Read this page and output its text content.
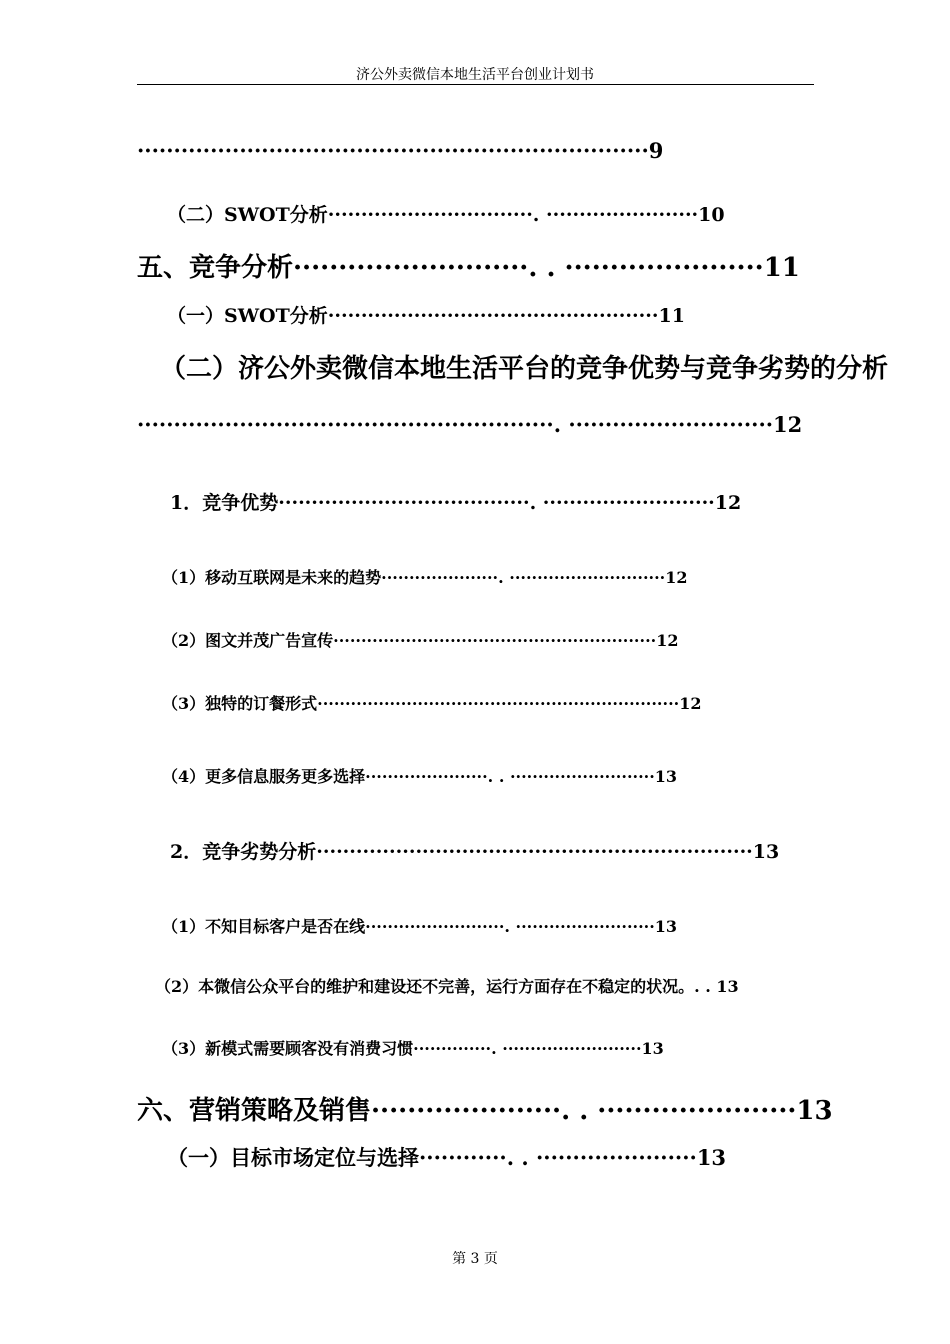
济公外卖微信本地生活平台创业计划书
······································································9
（二）SWOT分析·······························. ·······················10
五、竞争分析··························. . ······················11
（一）SWOT分析··················································11
（二）济公外卖微信本地生活平台的竞争优势与竞争劣势的分析
·························································. ····························12
1．竞争优势······································. ··························12
（1）移动互联网是未来的趋势·····················. ····························12
（2）图文并茂广告宣传··························································12
（3）独特的订餐形式·································································12
（4）更多信息服务更多选择······················. . ··························13
2．竞争劣势分析··································································13
（1）不知目标客户是否在线·························. ·························13
（2）本微信公众平台的维护和建设还不完善，运行方面存在不稳定的状况。. . 13
（3）新模式需要顾客没有消费习惯··············. ·························13
六、营销策略及销售·····················. . ······················13
（一）目标市场定位与选择············. . ······················13
第 3 页
